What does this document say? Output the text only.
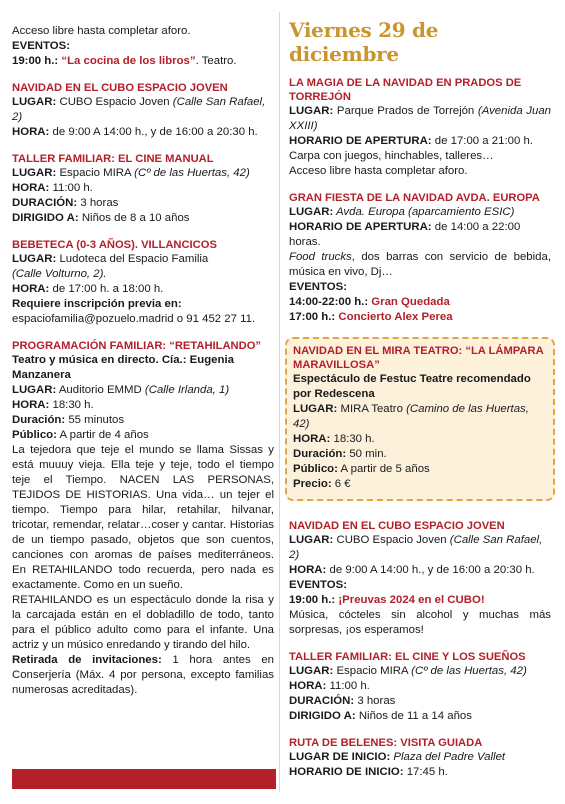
Acceso libre hasta completar aforo.
EVENTOS:
19:00 h.: “La cocina de los libros”. Teatro.
NAVIDAD EN EL CUBO ESPACIO JOVEN
LUGAR: CUBO Espacio Joven (Calle San Rafael, 2)
HORA: de 9:00 A 14:00 h., y de 16:00 a 20:30 h.
TALLER FAMILIAR: EL CINE MANUAL
LUGAR: Espacio MIRA (Cº de las Huertas, 42)
HORA: 11:00 h.
DURACIÓN: 3 horas
DIRIGIDO A: Niños de 8 a 10 años
BEBETECA (0-3 AÑOS). VILLANCICOS
LUGAR: Ludoteca del Espacio Familia
(Calle Volturno, 2).
HORA: de 17:00 h. a 18:00 h.
Requiere inscripción previa en:
espaciofamilia@pozuelo.madrid o 91 452 27 11.
PROGRAMACIÓN FAMILIAR: “RETAHILANDO”
Teatro y música en directo. Cía.: Eugenia Manzanera
LUGAR: Auditorio EMMD (Calle Irlanda, 1)
HORA: 18:30 h.
Duración: 55 minutos
Público: A partir de 4 años
La tejedora que teje el mundo se llama Sissas y está muuuy vieja. Ella teje y teje, todo el tiempo teje el Tiempo. NACEN LAS PERSONAS, TEJIDOS DE HISTORIAS. Una vida… un tejer el tiempo. Tiempo para hilar, retahilar, hilvanar, tricotar, remendar, relatar…coser y cantar. Historias de un tiempo pasado, objetos que son cuentos, canciones con aromas de países mediterráneos. En RETAHILANDO todo recuerda, pero nada es exactamente. Como en un sueño.
RETAHILANDO es un espectáculo donde la risa y la carcajada están en el dobladillo de todo, tanto para el público adulto como para el infante. Una actriz y un músico enredando y tirando del hilo.
Retirada de invitaciones: 1 hora antes en Conserjería (Máx. 4 por persona, excepto familias numerosas acreditadas).
Viernes 29 de diciembre
LA MAGIA DE LA NAVIDAD EN PRADOS DE TORREJÓN
LUGAR: Parque Prados de Torrejón (Avenida Juan XXIII)
HORARIO DE APERTURA: de 17:00 a 21:00 h.
Carpa con juegos, hinchables, talleres…
Acceso libre hasta completar aforo.
GRAN FIESTA DE LA NAVIDAD AVDA. EUROPA
LUGAR: Avda. Europa (aparcamiento ESIC)
HORARIO DE APERTURA: de 14:00 a 22:00 horas.
Food trucks, dos barras con servicio de bebida, música en vivo, Dj…
EVENTOS:
14:00-22:00 h.: Gran Quedada
17:00 h.: Concierto Alex Perea
NAVIDAD EN EL MIRA TEATRO: “LA LÁMPARA MARAVILLOSA”
Espectáculo de Festuc Teatre recomendado por Redescena
LUGAR: MIRA Teatro (Camino de las Huertas, 42)
HORA: 18:30 h.
Duración: 50 min.
Público: A partir de 5 años
Precio: 6 €
NAVIDAD EN EL CUBO ESPACIO JOVEN
LUGAR: CUBO Espacio Joven (Calle San Rafael, 2)
HORA: de 9:00 A 14:00 h., y de 16:00 a 20:30 h.
EVENTOS:
19:00 h.: ¡Preuvas 2024 en el CUBO!
Música, cócteles sin alcohol y muchas más sorpresas, ¡os esperamos!
TALLER FAMILIAR: EL CINE Y LOS SUEÑOS
LUGAR: Espacio MIRA (Cº de las Huertas, 42)
HORA: 11:00 h.
DURACIÓN: 3 horas
DIRIGIDO A: Niños de 11 a 14 años
RUTA DE BELENES: VISITA GUIADA
LUGAR DE INICIO: Plaza del Padre Vallet
HORARIO DE INICIO: 17:45 h.
